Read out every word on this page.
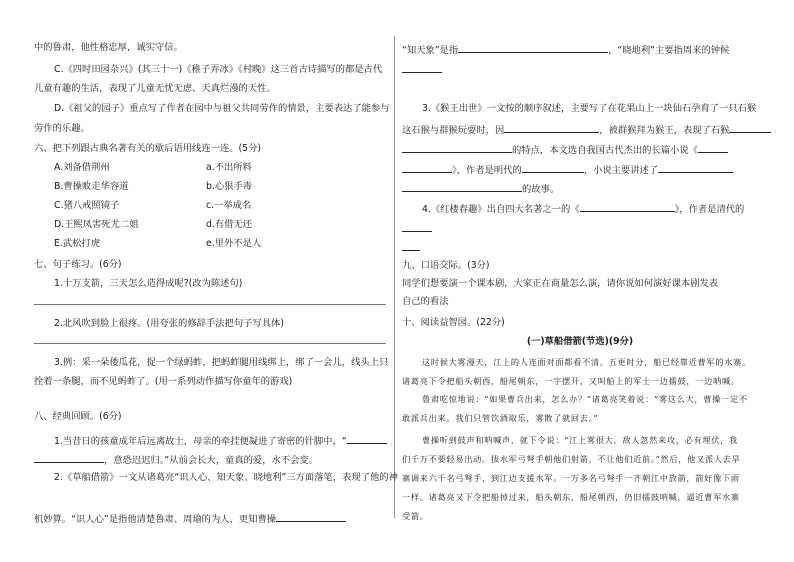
中的鲁肃，他性格忠厚，诚实守信。
C.《四时田园杂兴》(其三十一)《稚子弄冰》《村晚》这三首古诗描写的都是古代
儿童有趣的生活，表现了儿童无忧无虑、天真烂漫的天性。
D.《祖父的园子》重点写了作者在园中与祖父共同劳作的情景，主要表达了能参与
劳作的乐趣。
六、把下列跟古典名著有关的歇后语用线连一连。(5分)
A.刘备借荆州	a.不出所料
B.曹操败走华容道	b.心狠手毒
C.猪八戒照镜子	c.一举成名
D.王熙凤害死尤二姐	d.有借无还
E.武松打虎	e.里外不是人
七、句子练习。(6分)
1.十万支箭，三天怎么造得成呢?(改为陈述句)
2.北风吹到脸上很疼。(用夸张的修辞手法把句子写具体)
3.例：采一朵倭瓜花，捉一个绿蚂蚱，把蚂蚱腿用线绑上，绑了一会儿，线头上只
拴着一条腿，而不见蚂蚱了。(用一系列动作描写你童年的游戏)
八、经典回顾。(6分)
1.当昔日的孩童成年后远离故土，母亲的牵挂便凝进了寄密的针脚中，“
，意恐迟迟归。”从前会长大，童真的爱，水不会变。
2.《草船借箭》一文从诸葛亮“识人心、知天象、晓地利”三方面落笔，表现了他的神
机妙算。“识人心”是指他清楚鲁肃、周瑜的为人，更知曹操
“知天象”是指	，“晓地利”主要指周来的钟候
3.《猴王出世》一文按的顺序叙述，主要写了在花果山上一块仙石孕育了一只石猴
这石猴与群猴玩耍时，因	，被群猴拜为猴王，表现了石猴
的特点，本文选自我国古代杰出的长篇小说《
》，作者是明代的	，小说主要讲述了
的故事。
4.《红楼春趣》出自四大名著之一的《	》，作者是清代的
九、口语交际。(3分)
同学们想要演一个课本剧，大家正在商量怎么演，请你说如何演好课本剧发表
自己的看法
十、阅读益智园。(22分)
(一)草船借箭(节选)(9分)
这时候大雾漫天，江上的人连面对面都看不清。五更时分，船已经靠近曹军的水寨。
诸葛亮下令把船头朝西，船尾朝东，一字摆开，又叫船上的军士一边擂鼓，一边呐喊。
鲁肃吃惊地说：“如果曹兵出来，怎么办？”诸葛亮笑着说：“雾这么大，曹操一定不
敢派兵出来。我们只管饮酒取乐，雾散了就回去。”
曹操听到鼓声和呐喊声，就下令说：“江上雾很大，敌人忽然来攻，必有埋伏，我
们千万不要轻易出动。拔水军弓弩手朝他们射箭，不让他们近前。”然后，他又派人去旱
寨调来六千名弓弩手，到江边支援水军。一万多名弓弩手一齐朝江中放箭，箭好像下雨
一样。诸葛亮又下令把船掉过来，船头朝东，船尾朝西，仍旧擂鼓呐喊，逼近曹军水寨
受箭。
